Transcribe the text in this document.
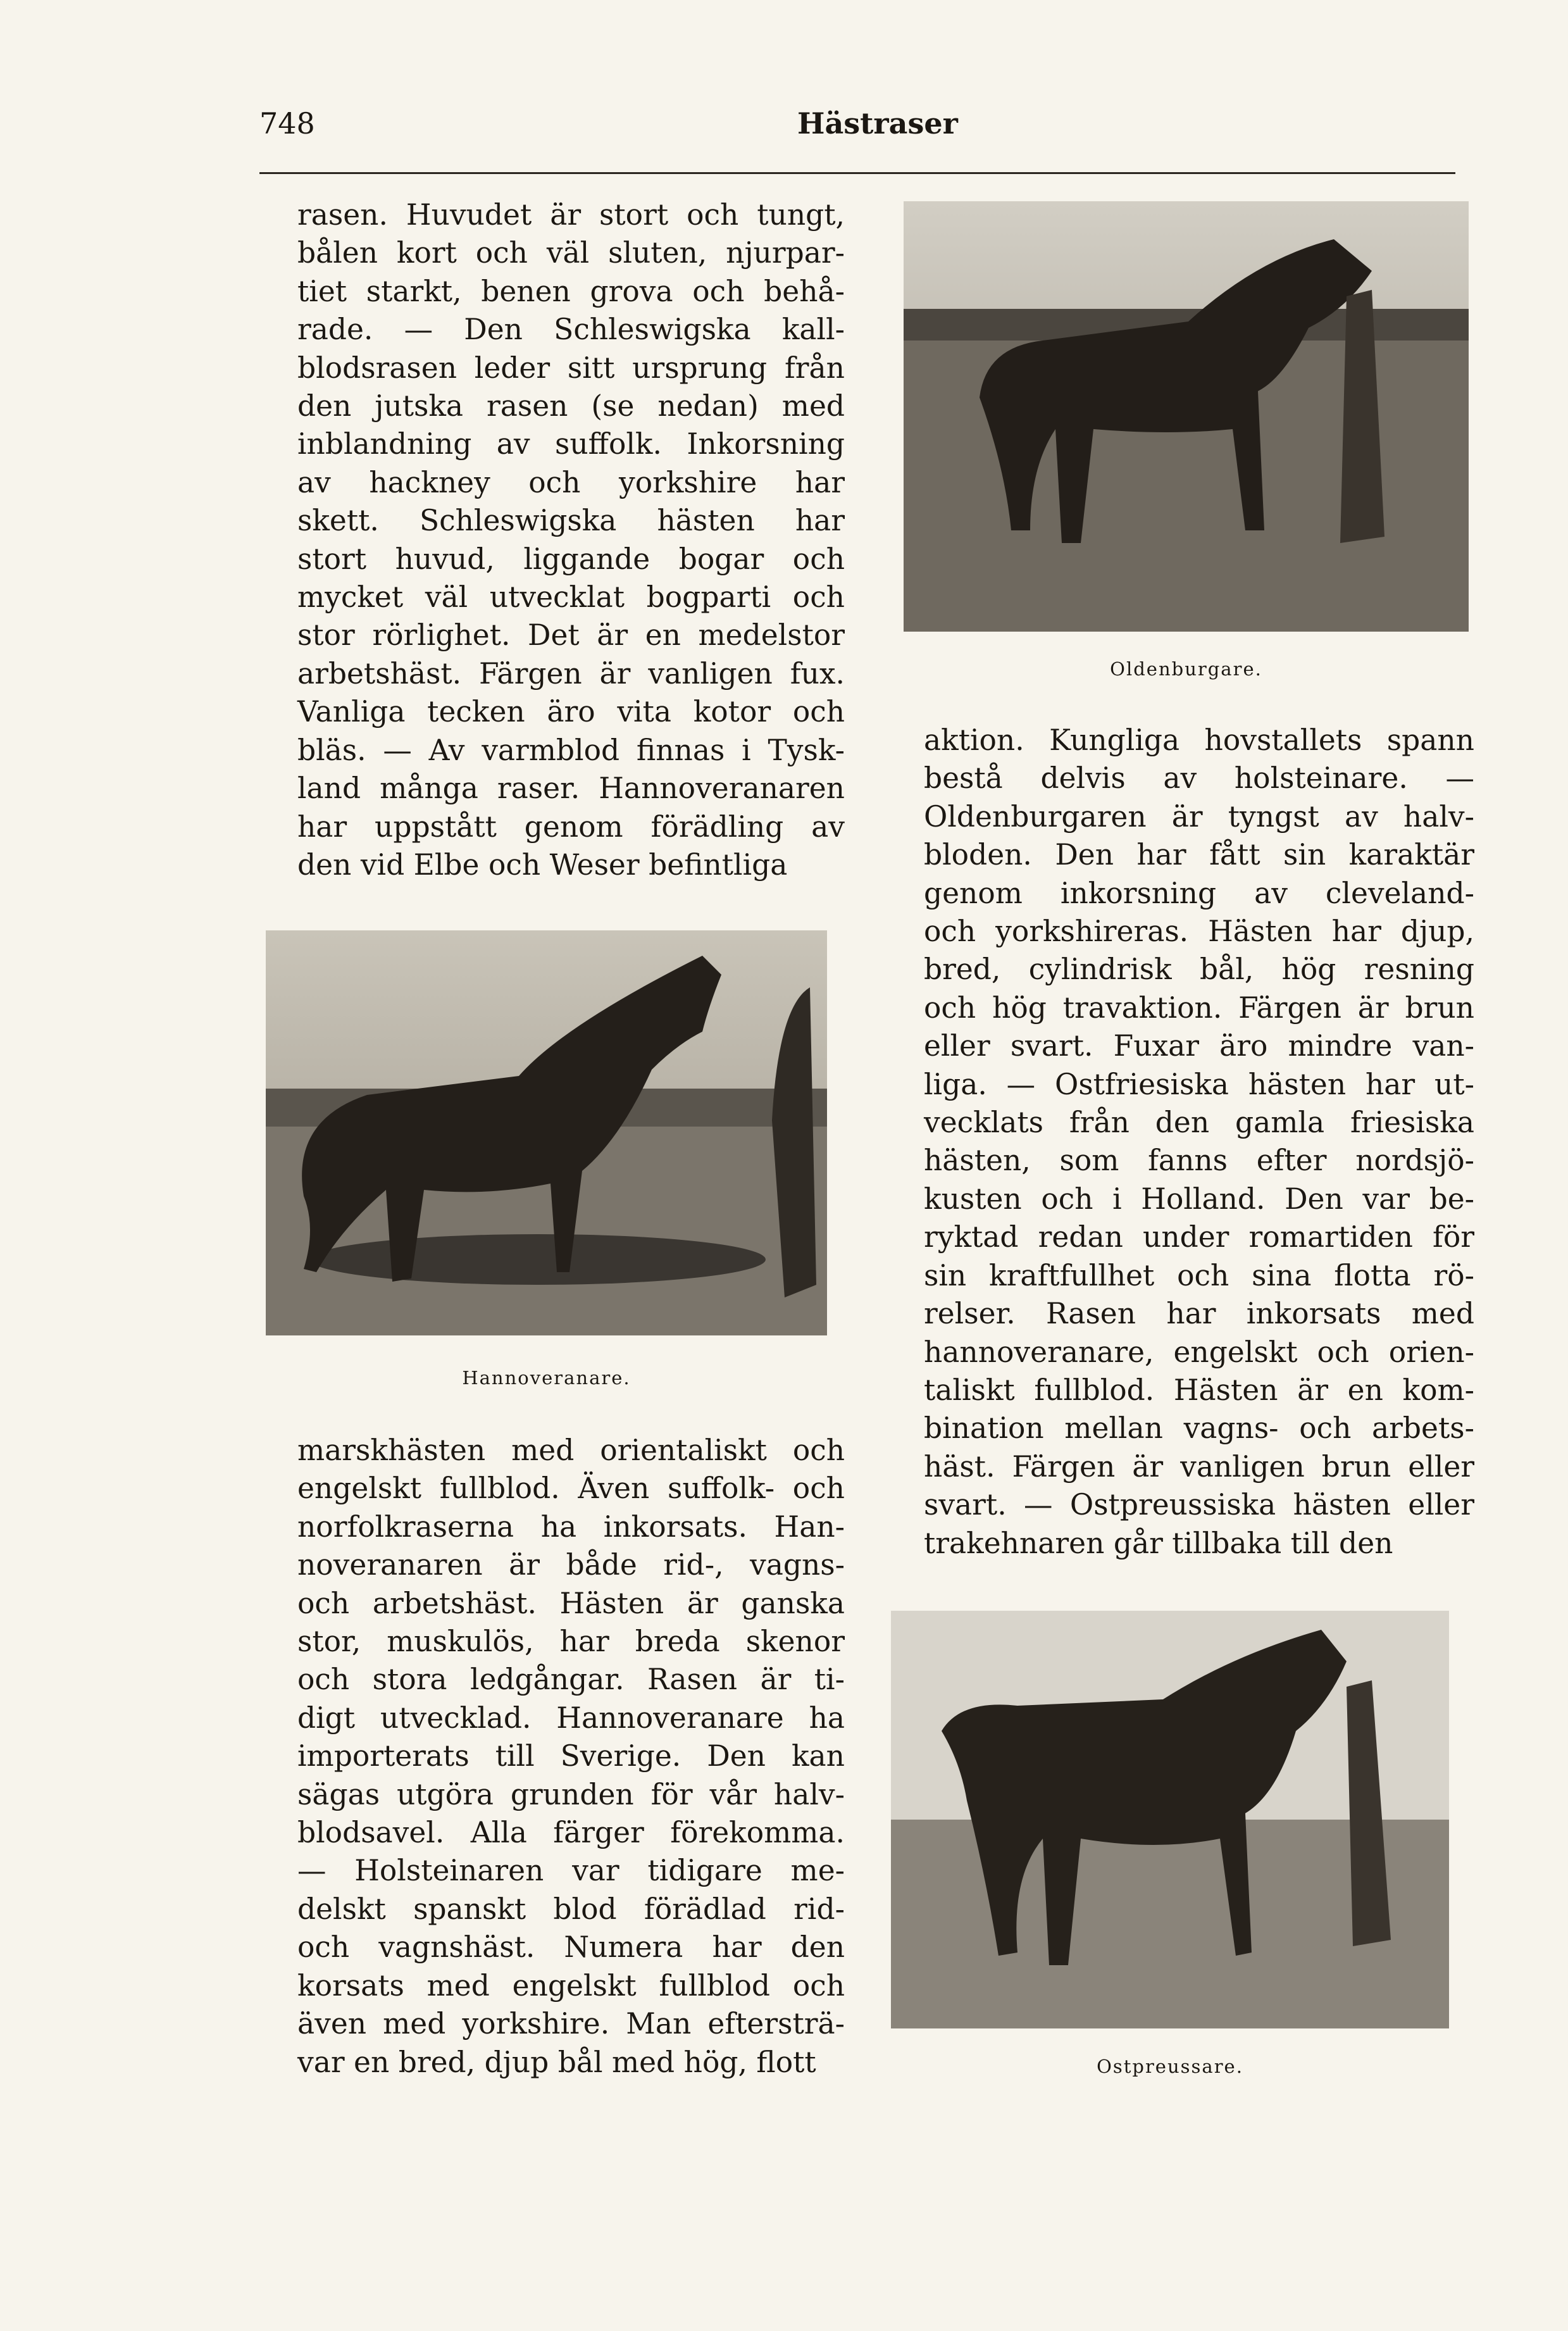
748	Hästraser

rasen. Huvudet är stort och tungt,

bålen kort och väl sluten, njurpar-

tiet starkt, benen grova och behå-

rade. — Den Schleswigska kall-

blodsrasen leder sitt ursprung från

den jutska rasen (se nedan) med

inblandning av suffolk. Inkorsning

av hackney och yorkshire har

skett. Schleswigska hästen har

stort huvud, liggande bogar och

mycket väl utvecklat bogparti och

stor rörlighet. Det är en medelstor

arbetshäst. Färgen är vanligen fux.

Vanliga tecken äro vita kotor och

bläs. — Av varmblod finnas i Tysk-

land många raser. Hannoveranaren

har uppstått genom förädling av

den vid Elbe och Weser befintliga

Hannoveranare.

marskhästen med orientaliskt och

engelskt fullblod. Även suffolk- och

norfolkraserna ha inkorsats. Han-

noveranaren är både rid-, vagns-

och arbetshäst. Hästen är ganska

stor, muskulös, har breda skenor

och stora ledgångar. Rasen är ti-

digt utvecklad. Hannoveranare ha

importerats till Sverige. Den kan

sägas utgöra grunden för vår halv-

blodsavel. Alla färger förekomma.

— Holsteinaren var tidigare me-

delskt spanskt blod förädlad rid-

och vagnshäst. Numera har den

korsats med engelskt fullblod och

även med yorkshire. Man eftersträ-

var en bred, djup bål med hög, flott

Oldenburgare.

aktion. Kungliga hovstallets spann

bestå delvis av holsteinare. —

Oldenburgaren är tyngst av halv-

bloden. Den har fått sin karaktär

genom inkorsning av cleveland-

och yorkshireras. Hästen har djup,

bred, cylindrisk bål, hög resning

och hög travaktion. Färgen är brun

eller svart. Fuxar äro mindre van-

liga. — Ostfriesiska hästen har ut-

vecklats från den gamla friesiska

hästen, som fanns efter nordsjö-

kusten och i Holland. Den var be-

ryktad redan under romartiden för

sin kraftfullhet och sina flotta rö-

relser. Rasen har inkorsats med

hannoveranare, engelskt och orien-

taliskt fullblod. Hästen är en kom-

bination mellan vagns- och arbets-

häst. Färgen är vanligen brun eller

svart. — Ostpreussiska hästen eller

trakehnaren går tillbaka till den

Ostpreussare.
